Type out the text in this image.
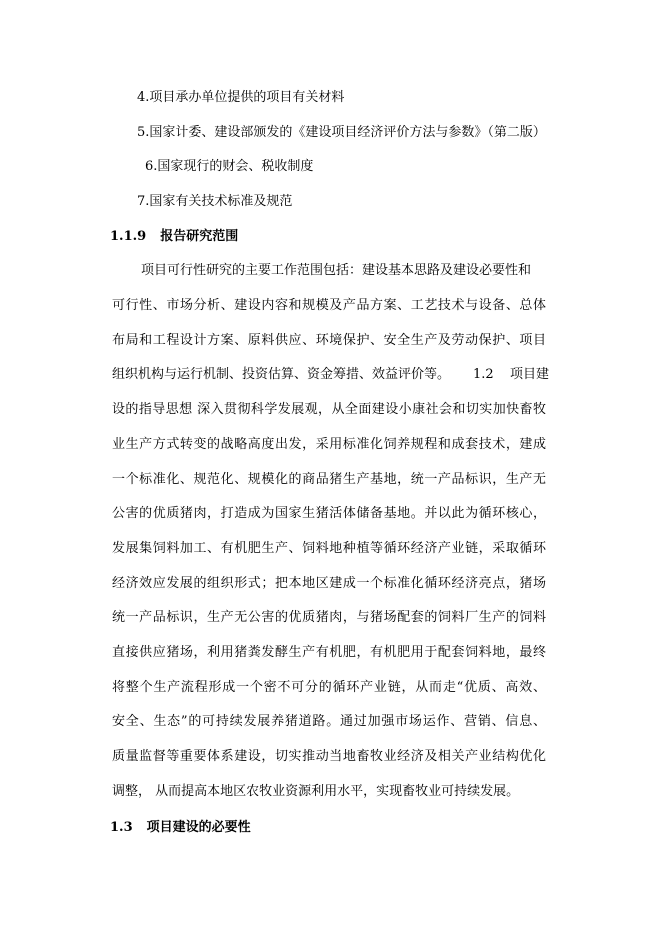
4.项目承办单位提供的项目有关材料
5.国家计委、建设部颁发的《建设项目经济评价方法与参数》（第二版）
6.国家现行的财会、税收制度
7.国家有关技术标准及规范
1.1.9 报告研究范围
项目可行性研究的主要工作范围包括：建设基本思路及建设必要性和
可行性、市场分析、建设内容和规模及产品方案、工艺技术与设备、总体
布局和工程设计方案、原料供应、环境保护、安全生产及劳动保护、项目
组织机构与运行机制、投资估算、资金筹措、效益评价等。 1.2 项目建
设的指导思想 深入贯彻科学发展观，从全面建设小康社会和切实加快畜牧
业生产方式转变的战略高度出发，采用标准化饲养规程和成套技术，建成
一个标准化、规范化、规模化的商品猪生产基地，统一产品标识，生产无
公害的优质猪肉，打造成为国家生猪活体储备基地。并以此为循环核心，
发展集饲料加工、有机肥生产、饲料地种植等循环经济产业链，采取循环
经济效应发展的组织形式；把本地区建成一个标准化循环经济亮点，猪场
统一产品标识，生产无公害的优质猪肉，与猪场配套的饲料厂生产的饲料
直接供应猪场，利用猪粪发酵生产有机肥，有机肥用于配套饲料地，最终
将整个生产流程形成一个密不可分的循环产业链，从而走“优质、高效、
安全、生态”的可持续发展养猪道路。通过加强市场运作、营销、信息、
质量监督等重要体系建设，切实推动当地畜牧业经济及相关产业结构优化
调整， 从而提高本地区农牧业资源利用水平，实现畜牧业可持续发展。
1.3 项目建设的必要性
